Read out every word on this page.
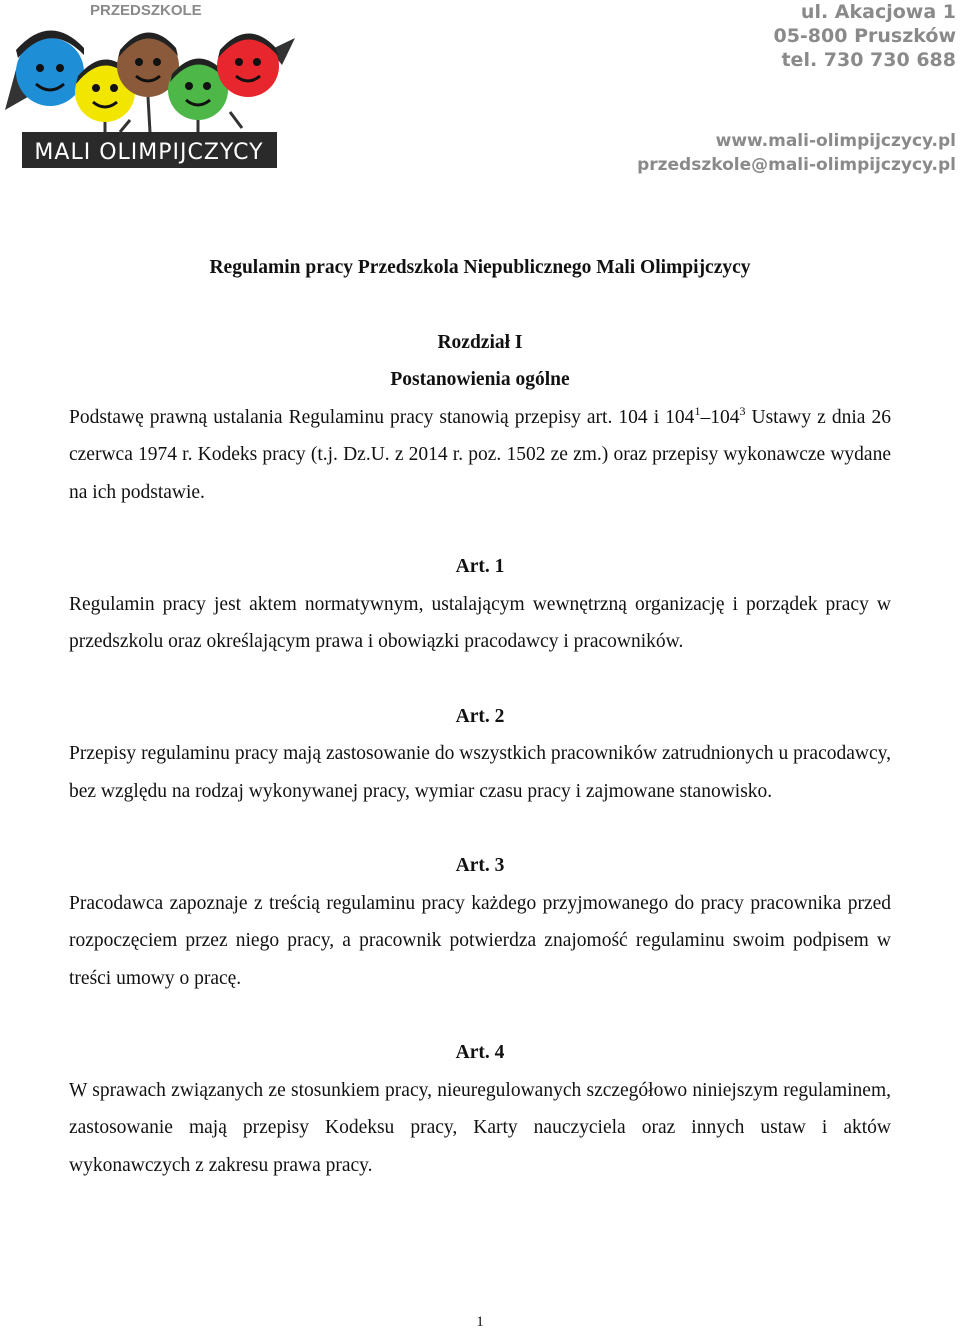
PRZEDSZKOLE
MALI OLIMPIJCZYCY
ul. Akacjowa 1
05-800 Pruszków
tel. 730 730 688
www.mali-olimpijczycy.pl
przedszkole@mali-olimpijczycy.pl

Regulamin pracy Przedszkola Niepublicznego Mali Olimpijczycy

Rozdział I

Postanowienia ogólne

Podstawę prawną ustalania Regulaminu pracy stanowią przepisy art. 104 i $104^1-104^3$ Ustawy z dnia 26 czerwca 1974 r. Kodeks pracy (t.j. Dz.U. z 2014 r. poz. 1502 ze zm.) oraz przepisy wykonawcze wydane na ich podstawie.

Art. 1

Regulamin pracy jest aktem normatywnym, ustalającym wewnętrzną organizację i porządek pracy w przedszkolu oraz określającym prawa i obowiązki pracodawcy i pracowników.

Art. 2

Przepisy regulaminu pracy mają zastosowanie do wszystkich pracowników zatrudnionych u pracodawcy, bez względu na rodzaj wykonywanej pracy, wymiar czasu pracy i zajmowane stanowisko.

Art. 3

Pracodawca zapoznaje z treścią regulaminu pracy każdego przyjmowanego do pracy pracownika przed rozpoczęciem przez niego pracy, a pracownik potwierdza znajomość regulaminu swoim podpisem w treści umowy o pracę.

Art. 4

W sprawach związanych ze stosunkiem pracy, nieuregulowanych szczegółowo niniejszym regulaminem, zastosowanie mają przepisy Kodeksu pracy, Karty nauczyciela oraz innych ustaw i aktów wykonawczych z zakresu prawa pracy.

1
